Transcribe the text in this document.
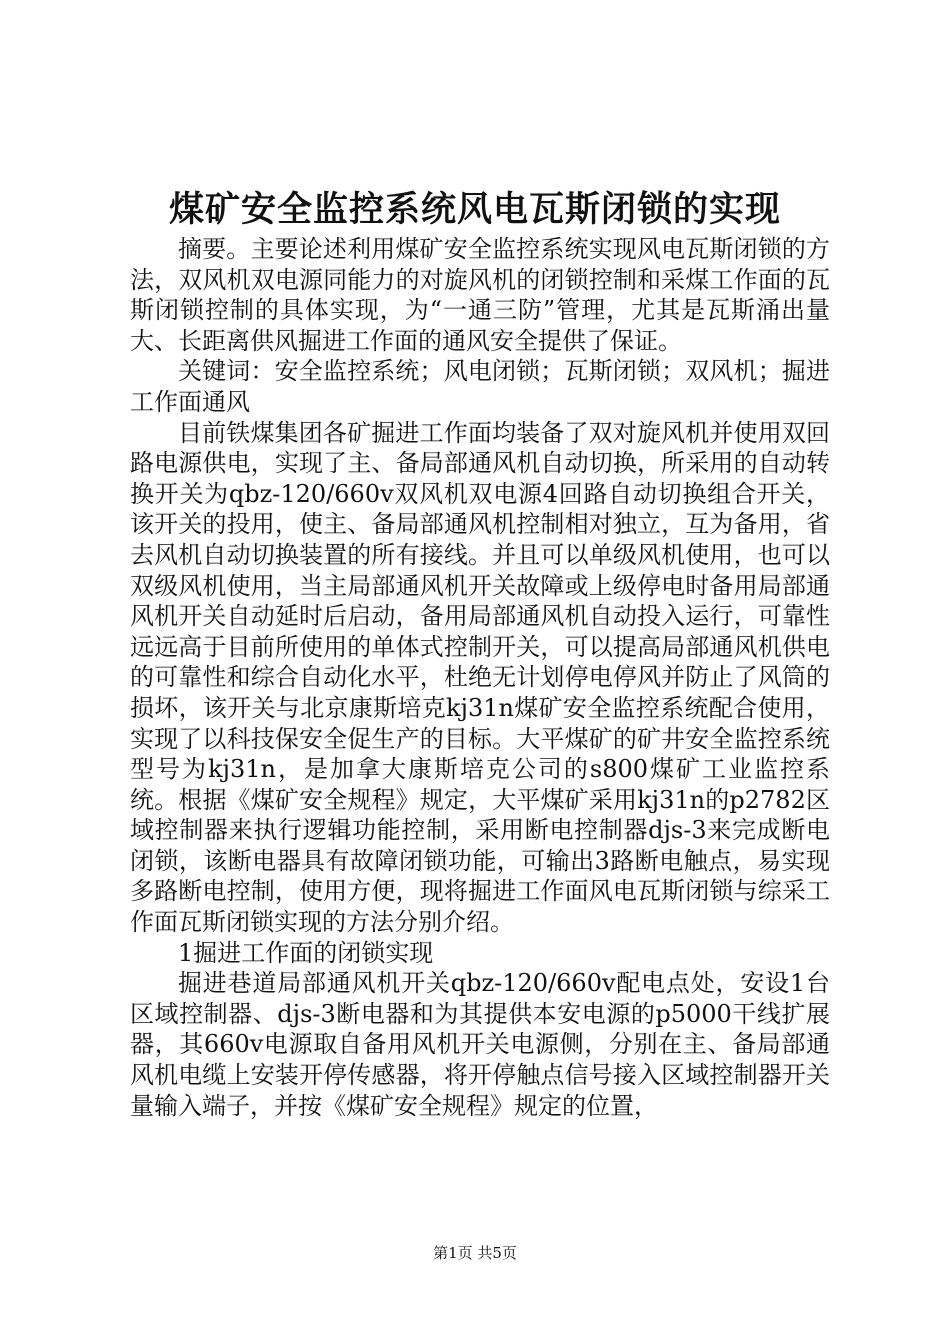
煤矿安全监控系统风电瓦斯闭锁的实现

摘要。主要论述利用煤矿安全监控系统实现风电瓦斯闭锁的方法，双风机双电源同能力的对旋风机的闭锁控制和采煤工作面的瓦斯闭锁控制的具体实现，为“一通三防”管理，尤其是瓦斯涌出量大、长距离供风掘进工作面的通风安全提供了保证。

关键词：安全监控系统；风电闭锁；瓦斯闭锁；双风机；掘进工作面通风

目前铁煤集团各矿掘进工作面均装备了双对旋风机并使用双回路电源供电，实现了主、备局部通风机自动切换，所采用的自动转换开关为qbz-120/660v双风机双电源4回路自动切换组合开关，该开关的投用，使主、备局部通风机控制相对独立，互为备用，省去风机自动切换装置的所有接线。并且可以单级风机使用，也可以双级风机使用，当主局部通风机开关故障或上级停电时备用局部通风机开关自动延时后启动，备用局部通风机自动投入运行，可靠性远远高于目前所使用的单体式控制开关，可以提高局部通风机供电的可靠性和综合自动化水平，杜绝无计划停电停风并防止了风筒的损坏，该开关与北京康斯培克kj31n煤矿安全监控系统配合使用，实现了以科技保安全促生产的目标。大平煤矿的矿井安全监控系统型号为kj31n，是加拿大康斯培克公司的s800煤矿工业监控系统。根据《煤矿安全规程》规定，大平煤矿采用kj31n的p2782区域控制器来执行逻辑功能控制，采用断电控制器djs-3来完成断电闭锁，该断电器具有故障闭锁功能，可输出3路断电触点，易实现多路断电控制，使用方便，现将掘进工作面风电瓦斯闭锁与综采工作面瓦斯闭锁实现的方法分别介绍。

1掘进工作面的闭锁实现

掘进巷道局部通风机开关qbz-120/660v配电点处，安设1台区域控制器、djs-3断电器和为其提供本安电源的p5000干线扩展器，其660v电源取自备用风机开关电源侧，分别在主、备局部通风机电缆上安装开停传感器，将开停触点信号接入区域控制器开关量输入端子，并按《煤矿安全规程》规定的位置，

第1页 共5页
